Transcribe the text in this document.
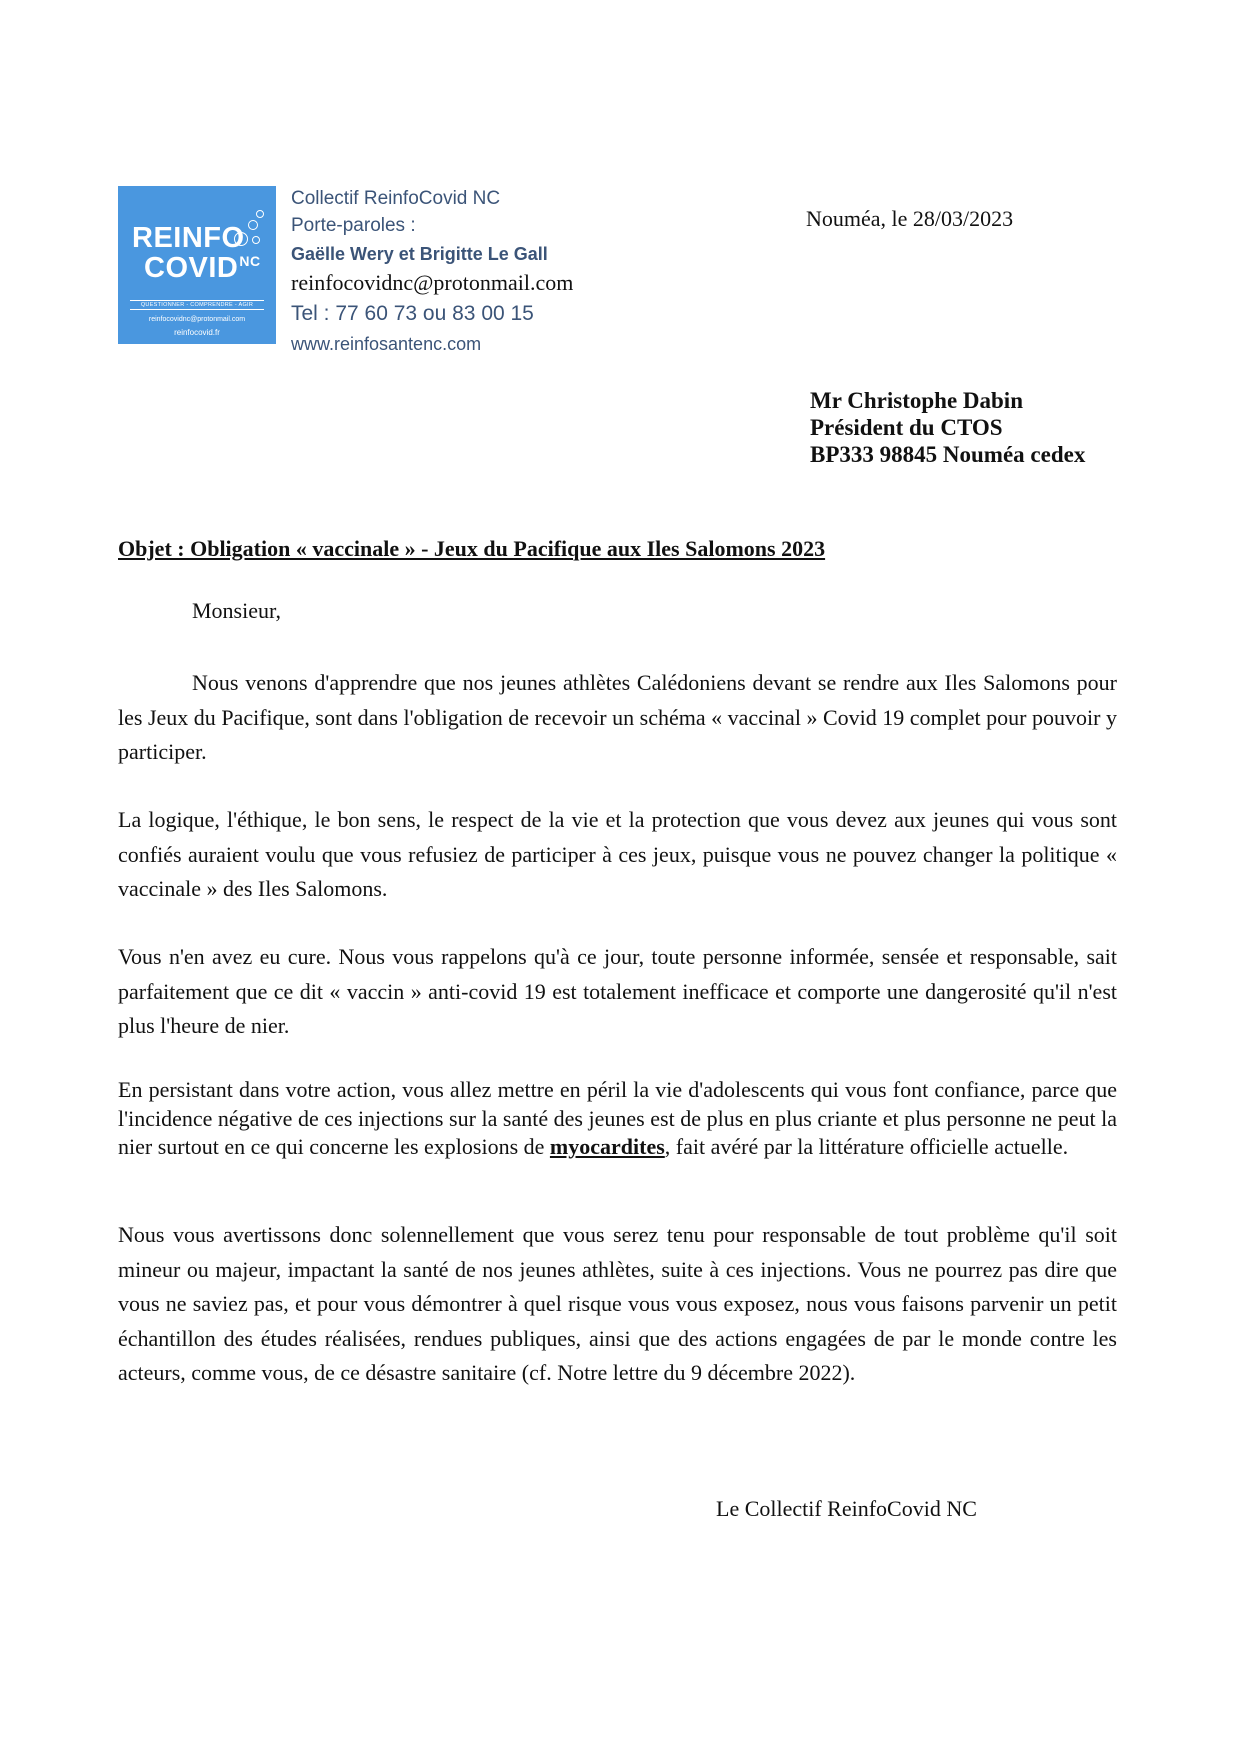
REINFO
$COVID^{NC}$
QUESTIONNER - COMPRENDRE - AGIR
reinfocovidnc@protonmail.com
reinfocovid.fr
Collectif ReinfoCovid NC
Porte-paroles :
Gaëlle Wery et Brigitte Le Gall
reinfocovidnc@protonmail.com
Tel : 77 60 73 ou 83 00 15
www.reinfosantenc.com
Nouméa, le 28/03/2023
Mr Christophe Dabin
Président du CTOS
BP333 98845 Nouméa cedex
Objet : Obligation « vaccinale » - Jeux du Pacifique aux Iles Salomons 2023
Monsieur,

Nous venons d'apprendre que nos jeunes athlètes Calédoniens devant se rendre aux Iles Salomons pour les Jeux du Pacifique, sont dans l'obligation de recevoir un schéma « vaccinal » Covid 19 complet pour pouvoir y participer.

La logique, l'éthique, le bon sens, le respect de la vie et la protection que vous devez aux jeunes qui vous sont confiés auraient voulu que vous refusiez de participer à ces jeux, puisque vous ne pouvez changer la politique « vaccinale » des Iles Salomons.

Vous n'en avez eu cure. Nous vous rappelons qu'à ce jour, toute personne informée, sensée et responsable, sait parfaitement que ce dit « vaccin » anti-covid 19 est totalement inefficace et comporte une dangerosité qu'il n'est plus l'heure de nier.

En persistant dans votre action, vous allez mettre en péril la vie d'adolescents qui vous font confiance, parce que l'incidence négative de ces injections sur la santé des jeunes est de plus en plus criante et plus personne ne peut la nier surtout en ce qui concerne les explosions de myocardites, fait avéré par la littérature officielle actuelle.

Nous vous avertissons donc solennellement que vous serez tenu pour responsable de tout problème qu'il soit mineur ou majeur, impactant la santé de nos jeunes athlètes, suite à ces injections. Vous ne pourrez pas dire que vous ne saviez pas, et pour vous démontrer à quel risque vous vous exposez, nous vous faisons parvenir un petit échantillon des études réalisées, rendues publiques, ainsi que des actions engagées de par le monde contre les acteurs, comme vous, de ce désastre sanitaire (cf. Notre lettre du 9 décembre 2022).

Le Collectif ReinfoCovid NC
